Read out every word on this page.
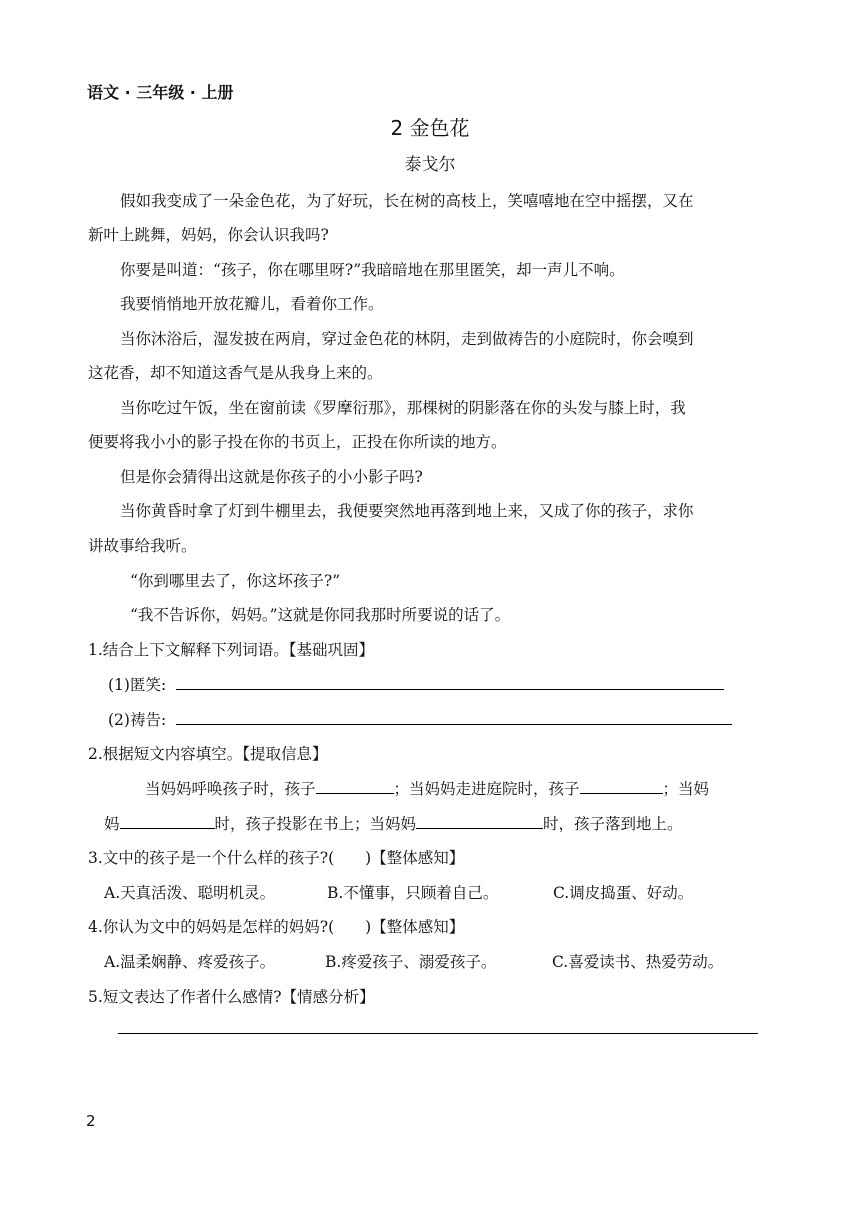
语文 · 三年级 · 上册
2 金色花
泰戈尔
假如我变成了一朵金色花，为了好玩，长在树的高枝上，笑嘻嘻地在空中摇摆，又在
新叶上跳舞，妈妈，你会认识我吗?
你要是叫道：“孩子，你在哪里呀?”我暗暗地在那里匿笑，却一声儿不响。
我要悄悄地开放花瓣儿，看着你工作。
当你沐浴后，湿发披在两肩，穿过金色花的林阴，走到做祷告的小庭院时，你会嗅到
这花香，却不知道这香气是从我身上来的。
当你吃过午饭，坐在窗前读《罗摩衍那》，那棵树的阴影落在你的头发与膝上时，我
便要将我小小的影子投在你的书页上，正投在你所读的地方。
但是你会猜得出这就是你孩子的小小影子吗?
当你黄昏时拿了灯到牛棚里去，我便要突然地再落到地上来，又成了你的孩子，求你
讲故事给我听。
“你到哪里去了，你这坏孩子?”
“我不告诉你，妈妈。”这就是你同我那时所要说的话了。
1.结合上下文解释下列词语。【基础巩固】
(1)匿笑:
(2)祷告:
2.根据短文内容填空。【提取信息】
当妈妈呼唤孩子时，孩子	；当妈妈走进庭院时，孩子	；当妈
妈	时，孩子投影在书上；当妈妈	时，孩子落到地上。
3.文中的孩子是一个什么样的孩子?(　　)【整体感知】
A.天真活泼、聪明机灵。	B.不懂事，只顾着自己。	C.调皮捣蛋、好动。
4.你认为文中的妈妈是怎样的妈妈?(　　)【整体感知】
A.温柔娴静、疼爱孩子。	B.疼爱孩子、溺爱孩子。	C.喜爱读书、热爱劳动。
5.短文表达了作者什么感情?【情感分析】
2
